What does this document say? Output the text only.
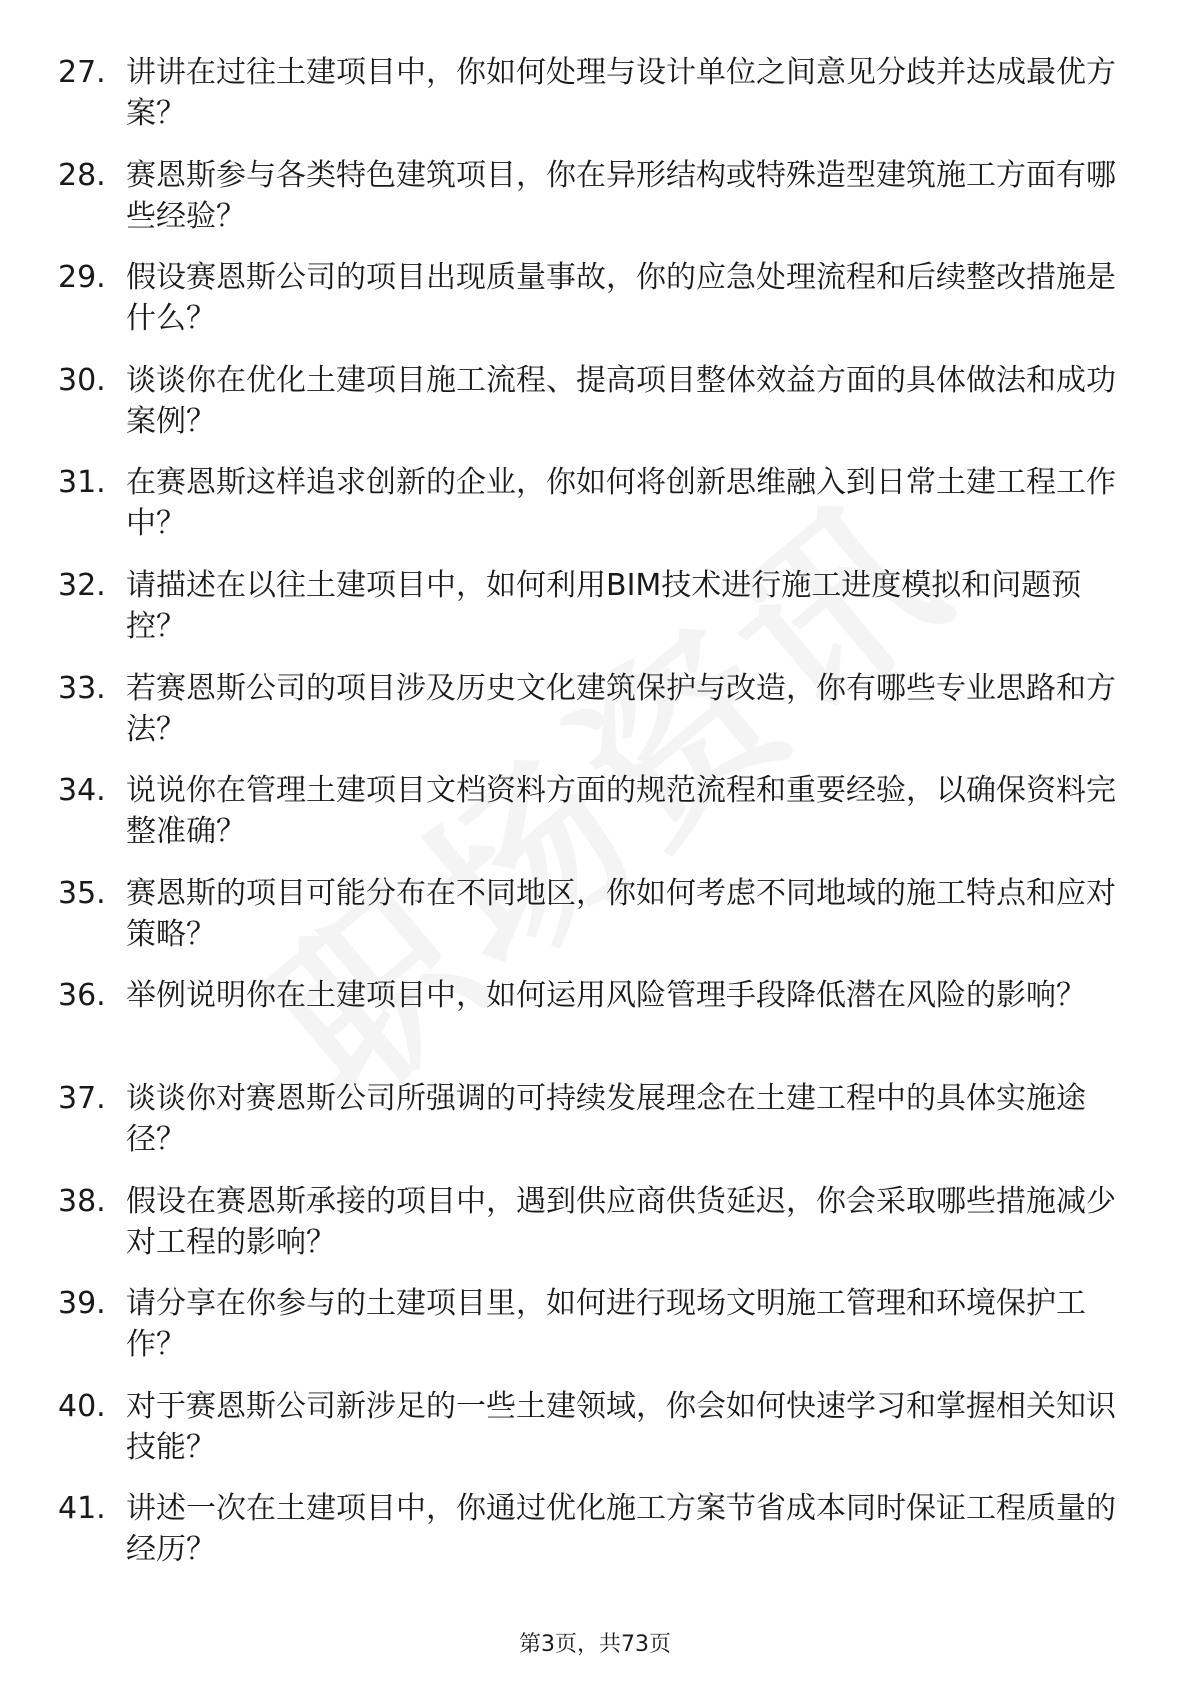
27. 讲讲在过往土建项目中，你如何处理与设计单位之间意见分歧并达成最优方案？
28. 赛恩斯参与各类特色建筑项目，你在异形结构或特殊造型建筑施工方面有哪些经验？
29. 假设赛恩斯公司的项目出现质量事故，你的应急处理流程和后续整改措施是什么？
30. 谈谈你在优化土建项目施工流程、提高项目整体效益方面的具体做法和成功案例？
31. 在赛恩斯这样追求创新的企业，你如何将创新思维融入到日常土建工程工作中？
32. 请描述在以往土建项目中，如何利用BIM技术进行施工进度模拟和问题预控？
33. 若赛恩斯公司的项目涉及历史文化建筑保护与改造，你有哪些专业思路和方法？
34. 说说你在管理土建项目文档资料方面的规范流程和重要经验，以确保资料完整准确？
35. 赛恩斯的项目可能分布在不同地区，你如何考虑不同地域的施工特点和应对策略？
36. 举例说明你在土建项目中，如何运用风险管理手段降低潜在风险的影响？
37. 谈谈你对赛恩斯公司所强调的可持续发展理念在土建工程中的具体实施途径？
38. 假设在赛恩斯承接的项目中，遇到供应商供货延迟，你会采取哪些措施减少对工程的影响？
39. 请分享在你参与的土建项目里，如何进行现场文明施工管理和环境保护工作？
40. 对于赛恩斯公司新涉足的一些土建领域，你会如何快速学习和掌握相关知识技能？
41. 讲述一次在土建项目中，你通过优化施工方案节省成本同时保证工程质量的经历？
第3页，共73页
